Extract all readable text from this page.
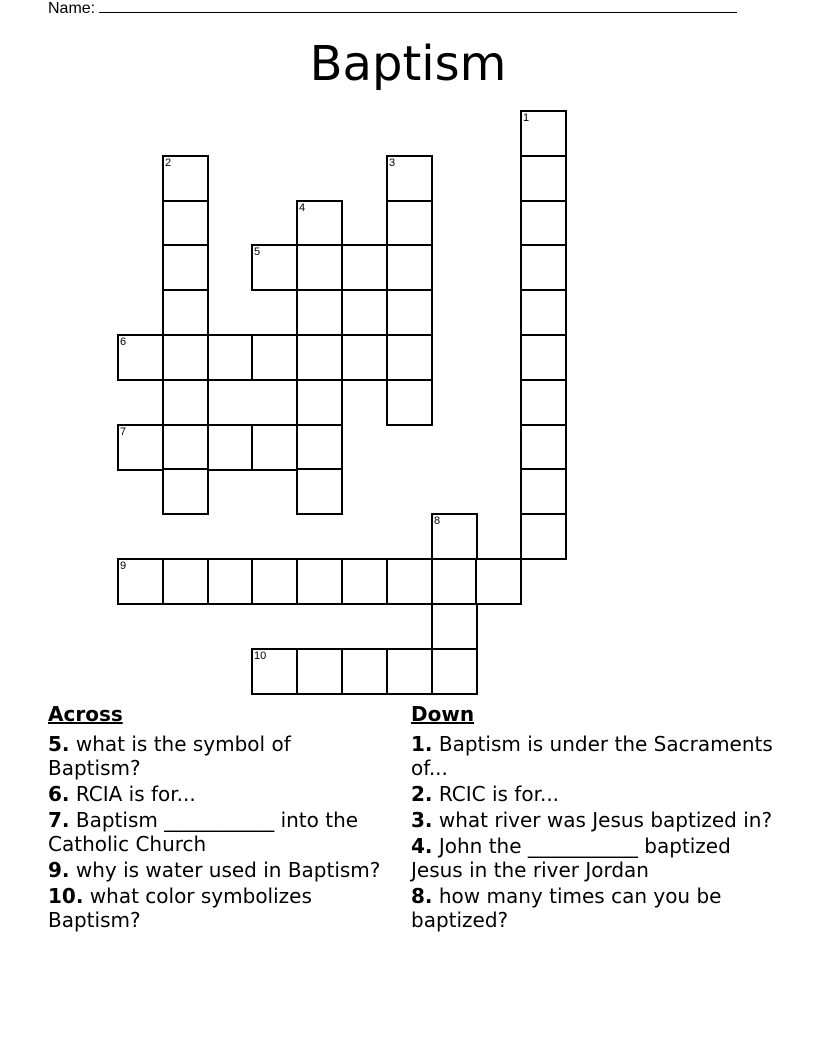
Name:
Baptism
1
2	3
4
5
6
7
8
9
10
Across
5. what is the symbol of Baptism?
6. RCIA is for...
7. Baptism ___________ into the Catholic Church
9. why is water used in Baptism?
10. what color symbolizes Baptism?
Down
1. Baptism is under the Sacraments of...
2. RCIC is for...
3. what river was Jesus baptized in?
4. John the ___________ baptized Jesus in the river Jordan
8. how many times can you be baptized?
